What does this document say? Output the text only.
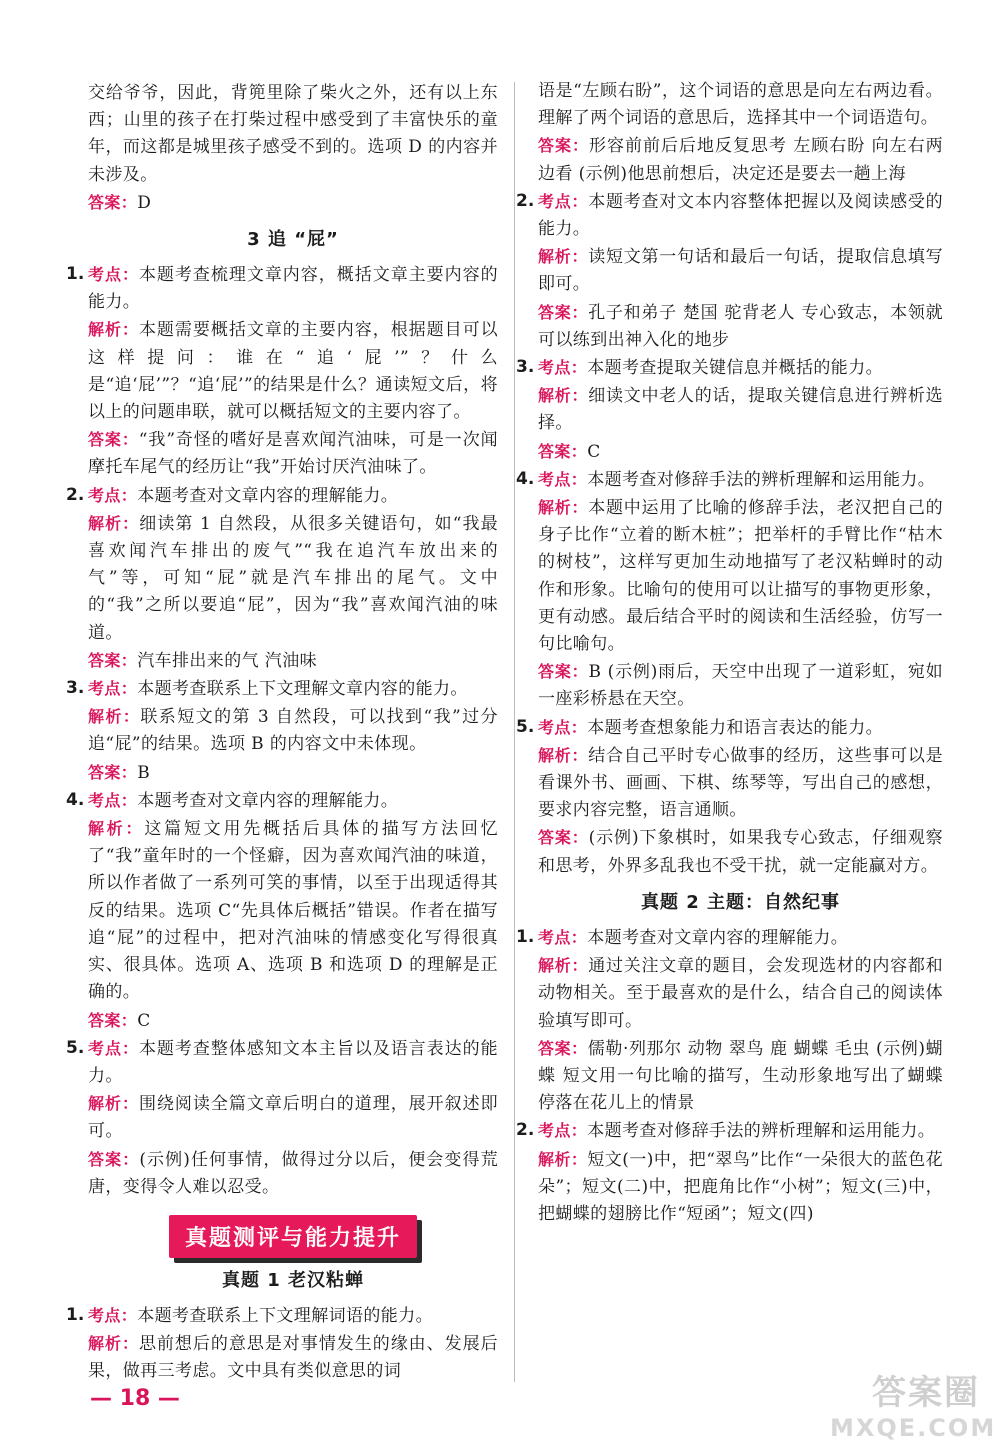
交给爷爷，因此，背篼里除了柴火之外，还有以上东西；山里的孩子在打柴过程中感受到了丰富快乐的童年，而这都是城里孩子感受不到的。选项 D 的内容并未涉及。

答案：D

3 追 “屁”
1. 考点：本题考查梳理文章内容，概括文章主要内容的能力。

解析：本题需要概括文章的主要内容，根据题目可以这样提问：谁在“追‘屁’”？什么是“追‘屁’”？“追‘屁’”的结果是什么？通读短文后，将以上的问题串联，就可以概括短文的主要内容了。

答案：“我”奇怪的嗜好是喜欢闻汽油味，可是一次闻摩托车尾气的经历让“我”开始讨厌汽油味了。

2. 考点：本题考查对文章内容的理解能力。

解析：细读第 1 自然段，从很多关键语句，如“我最喜欢闻汽车排出的废气”“我在追汽车放出来的气”等，可知“屁”就是汽车排出的尾气。文中的“我”之所以要追“屁”，因为“我”喜欢闻汽油的味道。

答案：汽车排出来的气 汽油味

3. 考点：本题考查联系上下文理解文章内容的能力。

解析：联系短文的第 3 自然段，可以找到“我”过分追“屁”的结果。选项 B 的内容文中未体现。

答案：B

4. 考点：本题考查对文章内容的理解能力。

解析：这篇短文用先概括后具体的描写方法回忆了“我”童年时的一个怪癖，因为喜欢闻汽油的味道，所以作者做了一系列可笑的事情，以至于出现适得其反的结果。选项 C“先具体后概括”错误。作者在描写追“屁”的过程中，把对汽油味的情感变化写得很真实、很具体。选项 A、选项 B 和选项 D 的理解是正确的。

答案：C

5. 考点：本题考查整体感知文本主旨以及语言表达的能力。

解析：围绕阅读全篇文章后明白的道理，展开叙述即可。

答案：(示例)任何事情，做得过分以后，便会变得荒唐，变得令人难以忍受。

真题测评与能力提升
真题 1 老汉粘蝉
1. 考点：本题考查联系上下文理解词语的能力。

解析：思前想后的意思是对事情发生的缘由、发展后果，做再三考虑。文中具有类似意思的词

语是“左顾右盼”，这个词语的意思是向左右两边看。理解了两个词语的意思后，选择其中一个词语造句。

答案：形容前前后后地反复思考 左顾右盼 向左右两边看 (示例)他思前想后，决定还是要去一趟上海

2. 考点：本题考查对文本内容整体把握以及阅读感受的能力。

解析：读短文第一句话和最后一句话，提取信息填写即可。

答案：孔子和弟子 楚国 驼背老人 专心致志，本领就可以练到出神入化的地步

3. 考点：本题考查提取关键信息并概括的能力。

解析：细读文中老人的话，提取关键信息进行辨析选择。

答案：C

4. 考点：本题考查对修辞手法的辨析理解和运用能力。

解析：本题中运用了比喻的修辞手法，老汉把自己的身子比作“立着的断木桩”；把举杆的手臂比作“枯木的树枝”，这样写更加生动地描写了老汉粘蝉时的动作和形象。比喻句的使用可以让描写的事物更形象，更有动感。最后结合平时的阅读和生活经验，仿写一句比喻句。

答案：B (示例)雨后，天空中出现了一道彩虹，宛如一座彩桥悬在天空。

5. 考点：本题考查想象能力和语言表达的能力。

解析：结合自己平时专心做事的经历，这些事可以是看课外书、画画、下棋、练琴等，写出自己的感想，要求内容完整，语言通顺。

答案：(示例)下象棋时，如果我专心致志，仔细观察和思考，外界多乱我也不受干扰，就一定能赢对方。

真题 2 主题：自然纪事
1. 考点：本题考查对文章内容的理解能力。

解析：通过关注文章的题目，会发现选材的内容都和动物相关。至于最喜欢的是什么，结合自己的阅读体验填写即可。

答案：儒勒·列那尔 动物 翠鸟 鹿 蝴蝶 毛虫 (示例)蝴蝶 短文用一句比喻的描写，生动形象地写出了蝴蝶停落在花儿上的情景

2. 考点：本题考查对修辞手法的辨析理解和运用能力。

解析：短文(一)中，把“翠鸟”比作“一朵很大的蓝色花朵”；短文(二)中，把鹿角比作“小树”；短文(三)中，把蝴蝶的翅膀比作“短函”；短文(四)

— 18 —	答案圈
MXQE.COM
